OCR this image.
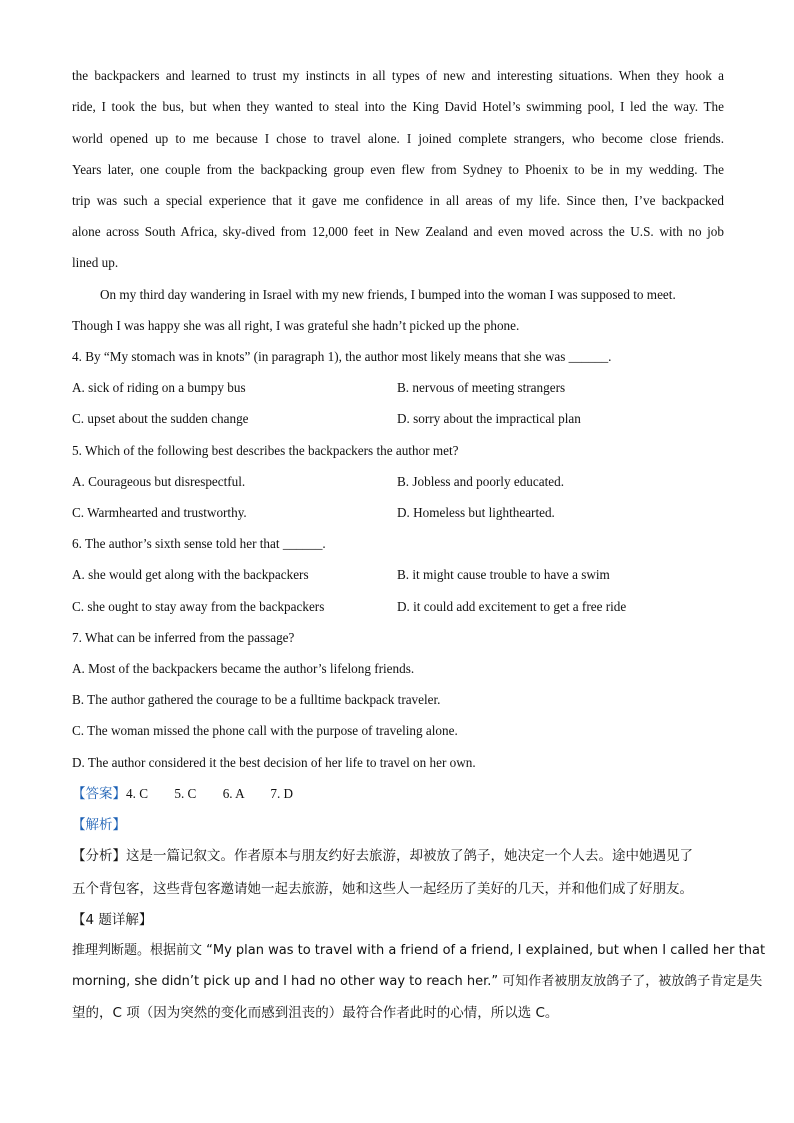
the backpackers and learned to trust my instincts in all types of new and interesting situations. When they hook a
ride, I took the bus, but when they wanted to steal into the King David Hotel’s swimming pool, I led the way. The
world opened up to me because I chose to travel alone. I joined complete strangers, who become close friends.
Years later, one couple from the backpacking group even flew from Sydney to Phoenix to be in my wedding. The
trip was such a special experience that it gave me confidence in all areas of my life. Since then, I’ve backpacked
alone across South Africa, sky-dived from 12,000 feet in New Zealand and even moved across the U.S. with no job
lined up.
On my third day wandering in Israel with my new friends, I bumped into the woman I was supposed to meet.
Though I was happy she was all right, I was grateful she hadn’t picked up the phone.
4. By “My stomach was in knots” (in paragraph 1), the author most likely means that she was ______.
A. sick of riding on a bumpy bus	B. nervous of meeting strangers
C. upset about the sudden change	D. sorry about the impractical plan
5. Which of the following best describes the backpackers the author met?
A. Courageous but disrespectful.	B. Jobless and poorly educated.
C. Warmhearted and trustworthy.	D. Homeless but lighthearted.
6. The author’s sixth sense told her that ______.
A. she would get along with the backpackers	B. it might cause trouble to have a swim
C. she ought to stay away from the backpackers	D. it could add excitement to get a free ride
7. What can be inferred from the passage?
A. Most of the backpackers became the author’s lifelong friends.
B. The author gathered the courage to be a fulltime backpack traveler.
C. The woman missed the phone call with the purpose of traveling alone.
D. The author considered it the best decision of her life to travel on her own.
【答案】4. C        5. C        6. A        7. D
【解析】
【分析】这是一篇记叙文。作者原本与朋友约好去旅游，却被放了鸽子，她决定一个人去。途中她遇见了
五个背包客，这些背包客邀请她一起去旅游，她和这些人一起经历了美好的几天，并和他们成了好朋友。
【4 题详解】
推理判断题。根据前文 “My plan was to travel with a friend of a friend, I explained, but when I called her that
morning, she didn’t pick up and I had no other way to reach her.” 可知作者被朋友放鸽子了，被放鸽子肯定是失
望的，C 项（因为突然的变化而感到沮丧的）最符合作者此时的心情，所以选 C。
